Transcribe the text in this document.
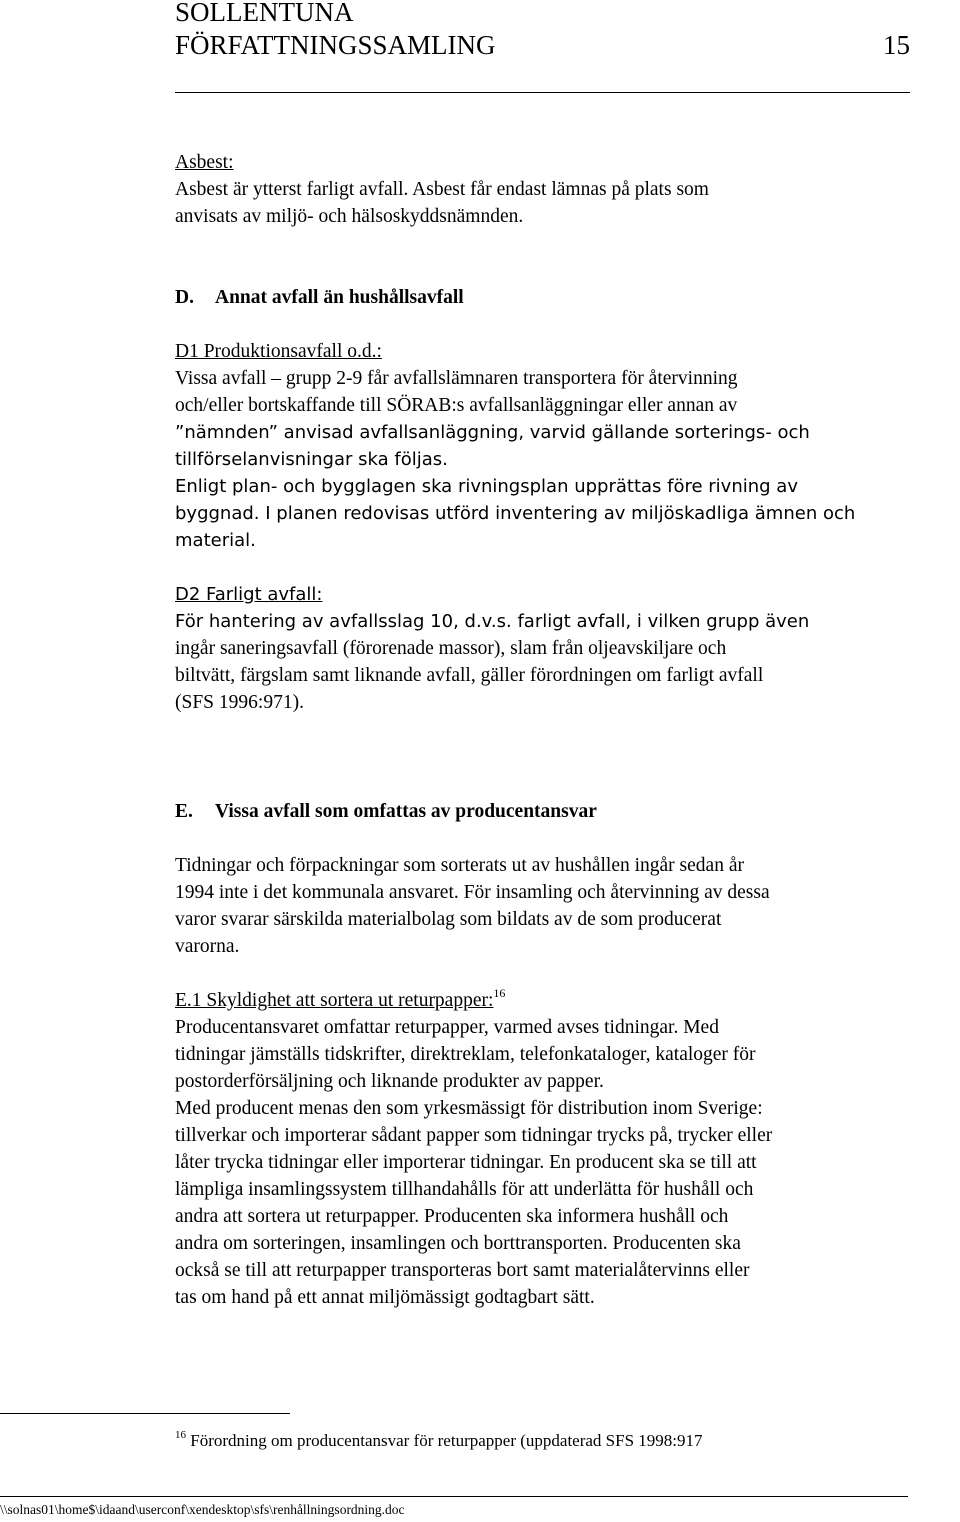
SOLLENTUNA
FÖRFATTNINGSSAMLING	15

Asbest:

Asbest är ytterst farligt avfall. Asbest får endast lämnas på plats som

anvisats av miljö- och hälsoskyddsnämnden.

D. Annat avfall än hushållsavfall

D1 Produktionsavfall o.d.:

Vissa avfall – grupp 2-9 får avfallslämnaren transportera för återvinning

och/eller bortskaffande till SÖRAB:s avfallsanläggningar eller annan av

”nämnden” anvisad avfallsanläggning, varvid gällande sorterings- och

tillförselanvisningar ska följas.

Enligt plan- och bygglagen ska rivningsplan upprättas före rivning av

byggnad. I planen redovisas utförd inventering av miljöskadliga ämnen och

material.

D2 Farligt avfall:

För hantering av avfallsslag 10, d.v.s. farligt avfall, i vilken grupp även

ingår saneringsavfall (förorenade massor), slam från oljeavskiljare och

biltvätt, färgslam samt liknande avfall, gäller förordningen om farligt avfall

(SFS 1996:971).

E. Vissa avfall som omfattas av producentansvar

Tidningar och förpackningar som sorterats ut av hushållen ingår sedan år

1994 inte i det kommunala ansvaret. För insamling och återvinning av dessa

varor svarar särskilda materialbolag som bildats av de som producerat

varorna.

E.1 Skyldighet att sortera ut returpapper:$^{16}$

Producentansvaret omfattar returpapper, varmed avses tidningar. Med

tidningar jämställs tidskrifter, direktreklam, telefonkataloger, kataloger för

postorderförsäljning och liknande produkter av papper.

Med producent menas den som yrkesmässigt för distribution inom Sverige:

tillverkar och importerar sådant papper som tidningar trycks på, trycker eller

låter trycka tidningar eller importerar tidningar. En producent ska se till att

lämpliga insamlingssystem tillhandahålls för att underlätta för hushåll och

andra att sortera ut returpapper. Producenten ska informera hushåll och

andra om sorteringen, insamlingen och borttransporten. Producenten ska

också se till att returpapper transporteras bort samt materialåtervinns eller

tas om hand på ett annat miljömässigt godtagbart sätt.

$^{16}$ Förordning om producentansvar för returpapper (uppdaterad SFS 1998:917
\\solnas01\home$\idaand\userconf\xendesktop\sfs\renhållningsordning.doc
